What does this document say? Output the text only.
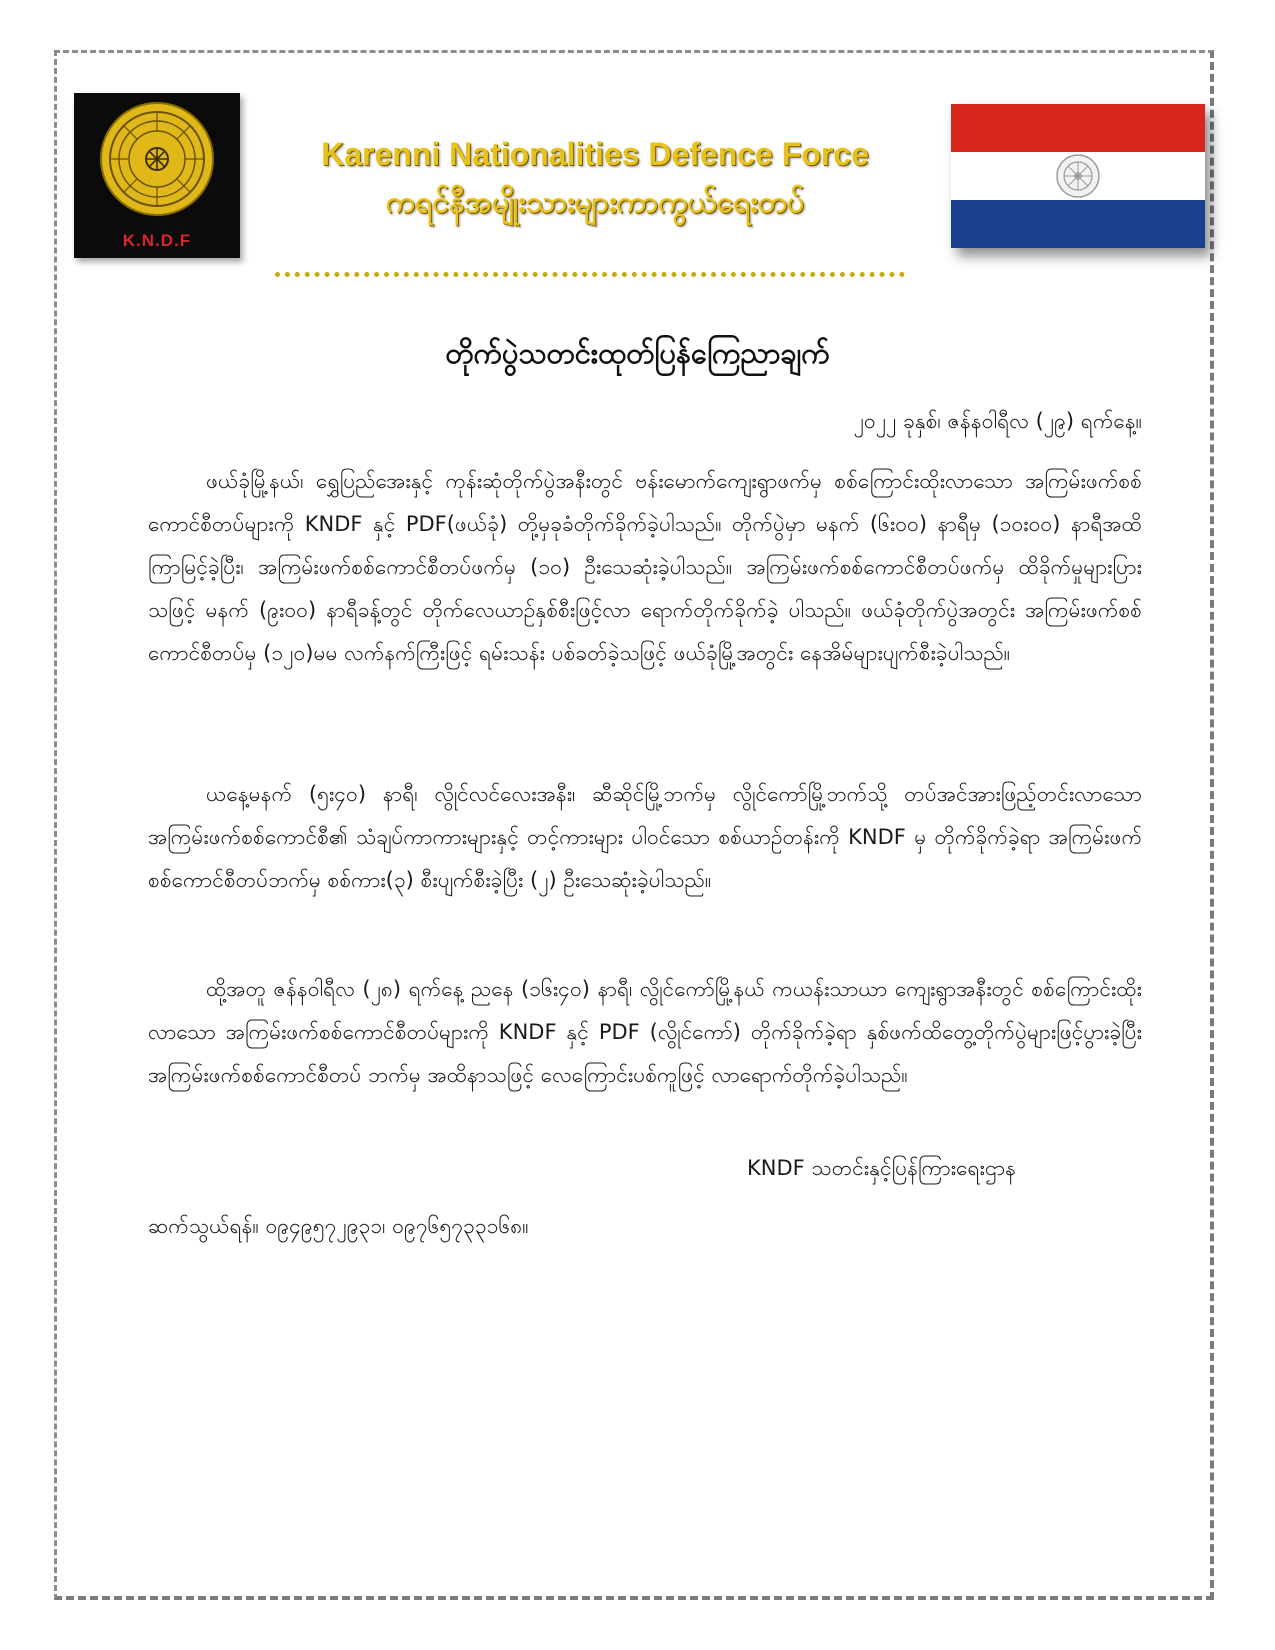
K.N.D.F
Karenni Nationalities Defence Force
ကရင်နီအမျိုးသားများကာကွယ်ရေးတပ်
တိုက်ပွဲသတင်းထုတ်ပြန်ကြေညာချက်
၂၀၂၂ ခုနှစ်၊ ဇန်နဝါရီလ (၂၉) ရက်နေ့။

ဖယ်ခုံမြို့နယ်၊ ရွှေပြည်အေးနှင့် ကုန်းဆုံတိုက်ပွဲအနီးတွင် ဗန်းမောက်ကျေးရွာဖက်မှ စစ်ကြောင်းထိုးလာသော အကြမ်းဖက်စစ်ကောင်စီတပ်များကို KNDF နှင့် PDF(ဖယ်ခုံ) တို့မှခုခံတိုက်ခိုက်ခဲ့ပါသည်။ တိုက်ပွဲမှာ မနက် (၆း၀၀) နာရီမှ (၁၀း၀၀) နာရီအထိ ကြာမြင့်ခဲ့ပြီး၊ အကြမ်းဖက်စစ်ကောင်စီတပ်ဖက်မှ (၁၀) ဦးသေဆုံးခဲ့ပါသည်။ အကြမ်းဖက်စစ်ကောင်စီတပ်ဖက်မှ ထိခိုက်မှုများပြားသဖြင့် မနက် (၉း၀၀) နာရီခန့်တွင် တိုက်လေယာဉ်နှစ်စီးဖြင့်လာ ရောက်တိုက်ခိုက်ခဲ့ ပါသည်။ ဖယ်ခုံတိုက်ပွဲအတွင်း အကြမ်းဖက်စစ်ကောင်စီတပ်မှ (၁၂၀)မမ လက်နက်ကြီးဖြင့် ရမ်းသန်း ပစ်ခတ်ခဲ့သဖြင့် ဖယ်ခုံမြို့အတွင်း နေအိမ်များပျက်စီးခဲ့ပါသည်။

ယနေ့မနက် (၅း၄၀) နာရီ၊ လွိုင်လင်လေးအနီး၊ ဆီဆိုင်မြို့ဘက်မှ လွိုင်ကော်မြို့ဘက်သို့ တပ်အင်အားဖြည့်တင်းလာသော အကြမ်းဖက်စစ်ကောင်စီ၏ သံချပ်ကာကားများနှင့် တင့်ကားများ ပါဝင်သော စစ်ယာဉ်တန်းကို KNDF မှ တိုက်ခိုက်ခဲ့ရာ အကြမ်းဖက်စစ်ကောင်စီတပ်ဘက်မှ စစ်ကား(၃) စီးပျက်စီးခဲ့ပြီး (၂) ဦးသေဆုံးခဲ့ပါသည်။

ထို့အတူ ဇန်နဝါရီလ (၂၈) ရက်နေ့ ညနေ (၁၆း၄၀) နာရီ၊ လွိုင်ကော်မြို့နယ် ကယန်းသာယာ ကျေးရွာအနီးတွင် စစ်ကြောင်းထိုးလာသော အကြမ်းဖက်စစ်ကောင်စီတပ်များကို KNDF နှင့် PDF (လွိုင်ကော်) တိုက်ခိုက်ခဲ့ရာ နှစ်ဖက်ထိတွေ့တိုက်ပွဲများဖြင့်ပွားခဲ့ပြီး အကြမ်းဖက်စစ်ကောင်စီတပ် ဘက်မှ အထိနာသဖြင့် လေကြောင်းပစ်ကူဖြင့် လာရောက်တိုက်ခဲ့ပါသည်။

KNDF သတင်းနှင့်ပြန်ကြားရေးဌာန
ဆက်သွယ်ရန်။ ၀၉၄၉၅၇၂၉၃၁၊ ၀၉၇၆၅၇၃၃၁၆၈။
